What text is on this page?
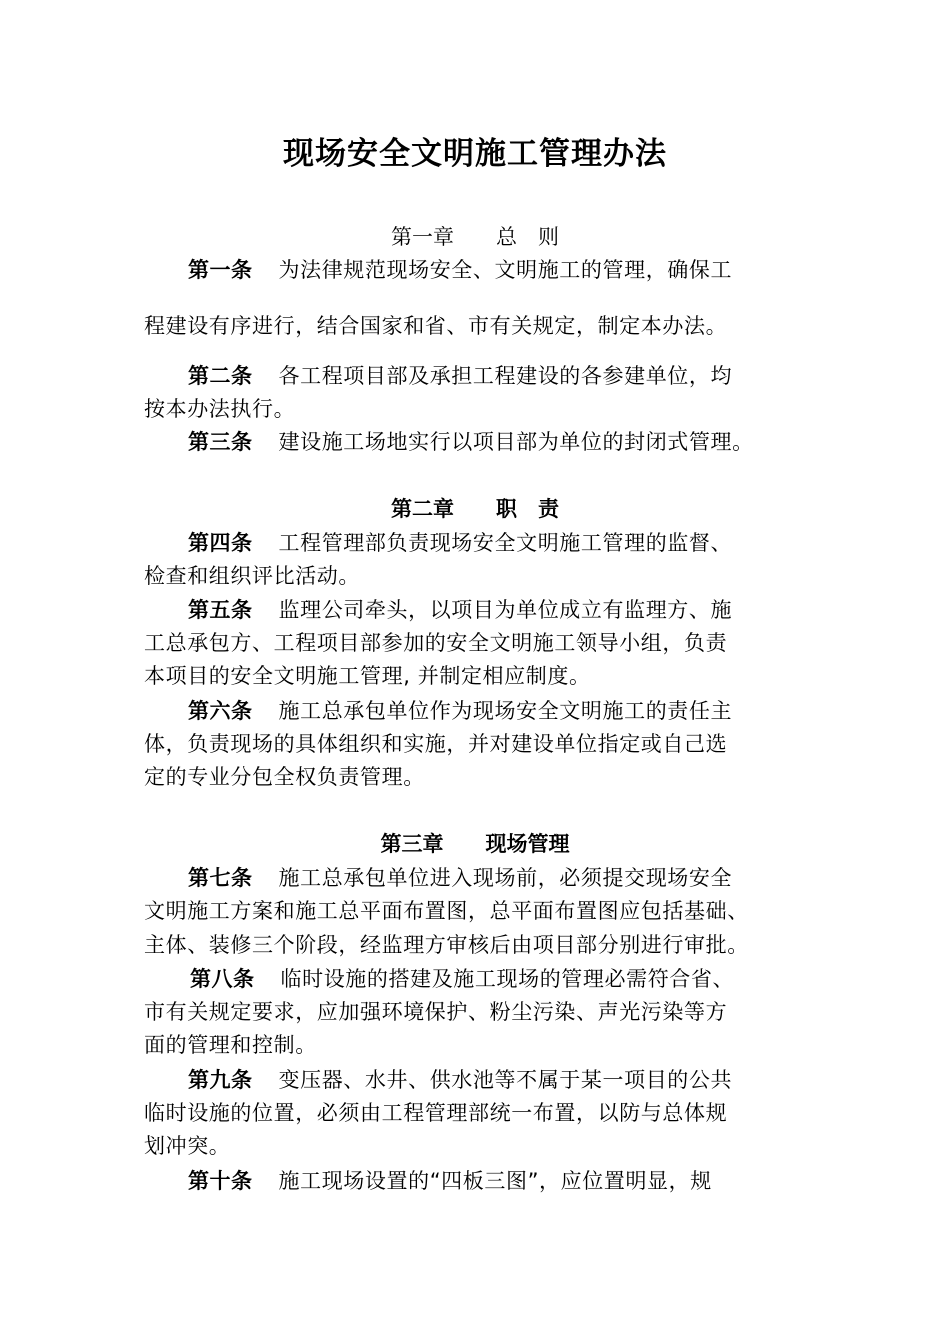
现场安全文明施工管理办法
第一章　　总　则
第一条 为法律规范现场安全、文明施工的管理，确保工
程建设有序进行，结合国家和省、市有关规定，制定本办法。
第二条 各工程项目部及承担工程建设的各参建单位，均
按本办法执行。
第三条 建设施工场地实行以项目部为单位的封闭式管理。
第二章　　职　责
第四条 工程管理部负责现场安全文明施工管理的监督、
检查和组织评比活动。
第五条 监理公司牵头，以项目为单位成立有监理方、施
工总承包方、工程项目部参加的安全文明施工领导小组，负责
本项目的安全文明施工管理, 并制定相应制度。
第六条 施工总承包单位作为现场安全文明施工的责任主
体，负责现场的具体组织和实施，并对建设单位指定或自己选
定的专业分包全权负责管理。
第三章　　现场管理
第七条 施工总承包单位进入现场前，必须提交现场安全
文明施工方案和施工总平面布置图，总平面布置图应包括基础、
主体、装修三个阶段，经监理方审核后由项目部分别进行审批。
第八条 临时设施的搭建及施工现场的管理必需符合省、
市有关规定要求，应加强环境保护、粉尘污染、声光污染等方
面的管理和控制。
第九条 变压器、水井、供水池等不属于某一项目的公共
临时设施的位置，必须由工程管理部统一布置，以防与总体规
划冲突。
第十条 施工现场设置的“四板三图”，应位置明显，规
